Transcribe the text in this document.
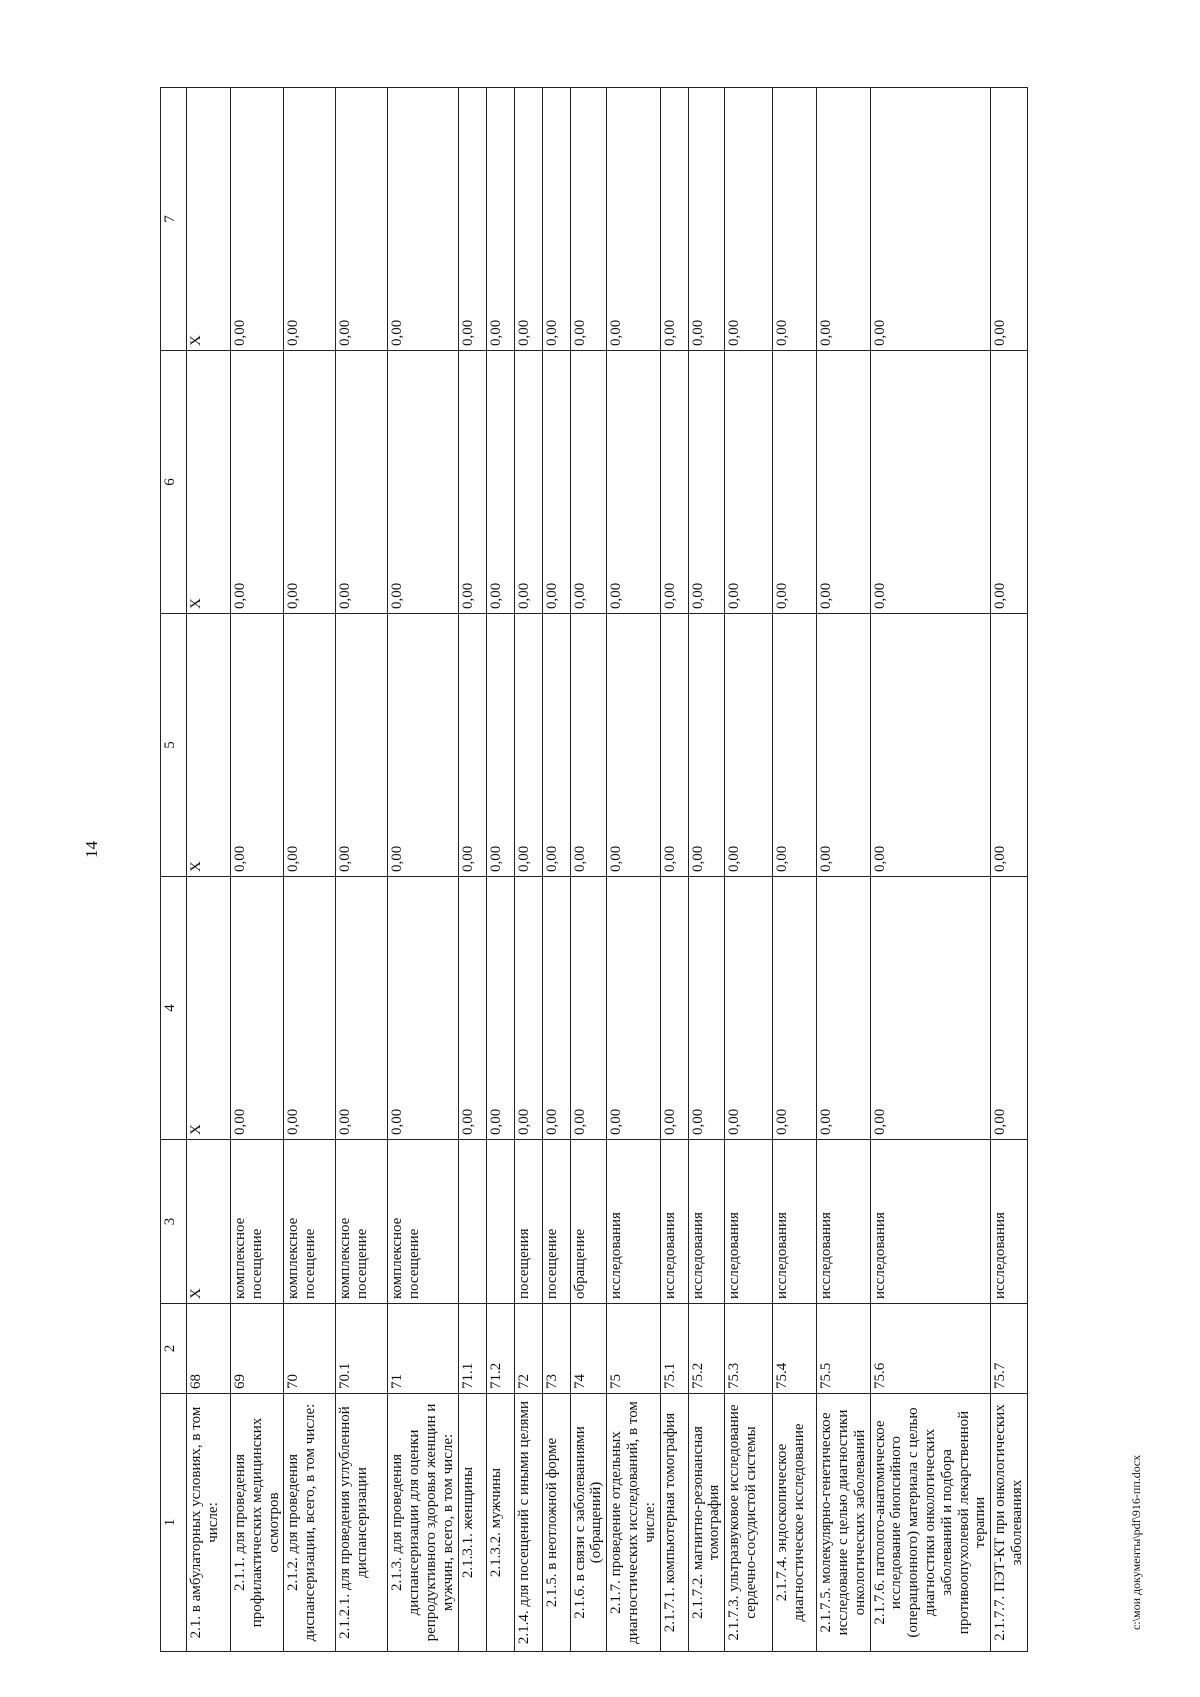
14
1	2	3	4	5	6	7
2.1. в амбулаторных условиях, в том числе:	68	X	X	X	X	X
2.1.1. для проведения профилактических медицинских осмотров	69	комплексное посещение	0,00	0,00	0,00	0,00
2.1.2. для проведения диспансеризации, всего, в том числе:	70	комплексное посещение	0,00	0,00	0,00	0,00
2.1.2.1. для проведения углубленной диспансеризации	70.1	комплексное посещение	0,00	0,00	0,00	0,00
2.1.3. для проведения диспансеризации для оценки репродуктивного здоровья женщин и мужчин, всего, в том числе:	71	комплексное посещение	0,00	0,00	0,00	0,00
2.1.3.1. женщины	71.1		0,00	0,00	0,00	0,00
2.1.3.2. мужчины	71.2		0,00	0,00	0,00	0,00
2.1.4. для посещений с иными целями	72	посещения	0,00	0,00	0,00	0,00
2.1.5. в неотложной форме	73	посещение	0,00	0,00	0,00	0,00
2.1.6. в связи с заболеваниями (обращений)	74	обращение	0,00	0,00	0,00	0,00
2.1.7. проведение отдельных диагностических исследований, в том числе:	75	исследования	0,00	0,00	0,00	0,00
2.1.7.1. компьютерная томография	75.1	исследования	0,00	0,00	0,00	0,00
2.1.7.2. магнитно-резонансная томография	75.2	исследования	0,00	0,00	0,00	0,00
2.1.7.3. ультразвуковое исследование сердечно-сосудистой системы	75.3	исследования	0,00	0,00	0,00	0,00
2.1.7.4. эндоскопическое диагностическое исследование	75.4	исследования	0,00	0,00	0,00	0,00
2.1.7.5. молекулярно-генетическое исследование с целью диагностики онкологических заболеваний	75.5	исследования	0,00	0,00	0,00	0,00
2.1.7.6. патолого-анатомическое исследование биопсийного (операционного) материала с целью диагностики онкологических заболеваний и подбора противоопухолевой лекарственной терапии	75.6	исследования	0,00	0,00	0,00	0,00
2.1.7.7. ПЭТ-КТ при онкологических заболеваниях	75.7	исследования	0,00	0,00	0,00	0,00
c:\мои документы\pdf\916-пп.docx
